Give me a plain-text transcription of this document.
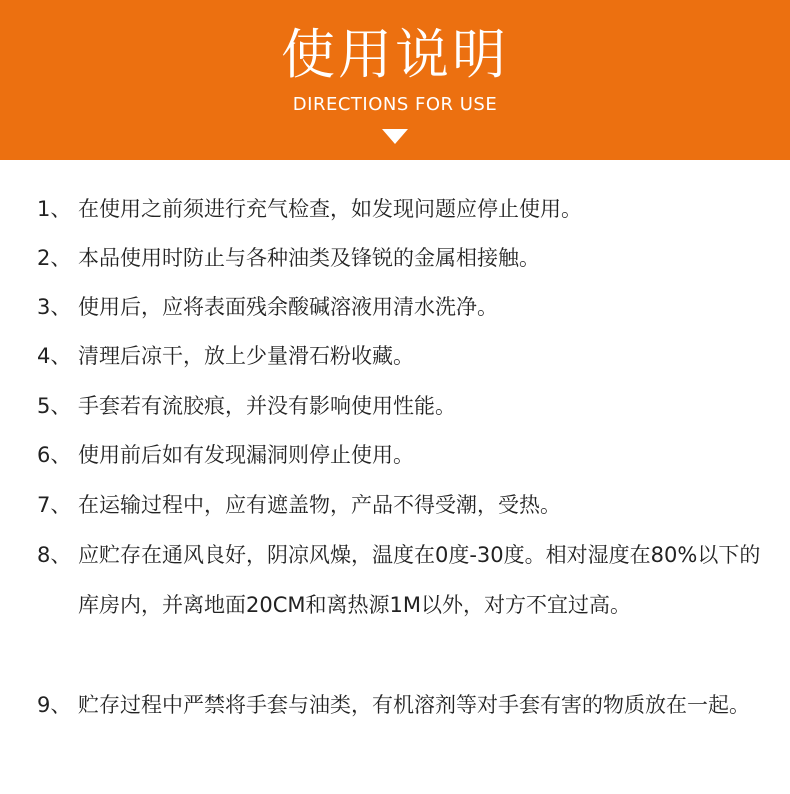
使用说明
DIRECTIONS FOR USE
1、 在使用之前须进行充气检查，如发现问题应停止使用。
2、 本品使用时防止与各种油类及锋锐的金属相接触。
3、 使用后，应将表面残余酸碱溶液用清水洗净。
4、 清理后凉干，放上少量滑石粉收藏。
5、 手套若有流胶痕，并没有影响使用性能。
6、 使用前后如有发现漏洞则停止使用。
7、 在运输过程中，应有遮盖物，产品不得受潮，受热。
8、 应贮存在通风良好，阴凉风燥，温度在0度-30度。相对湿度在80%以下的库房内，并离地面20CM和离热源1M以外，对方不宜过高。
9、 贮存过程中严禁将手套与油类，有机溶剂等对手套有害的物质放在一起。
